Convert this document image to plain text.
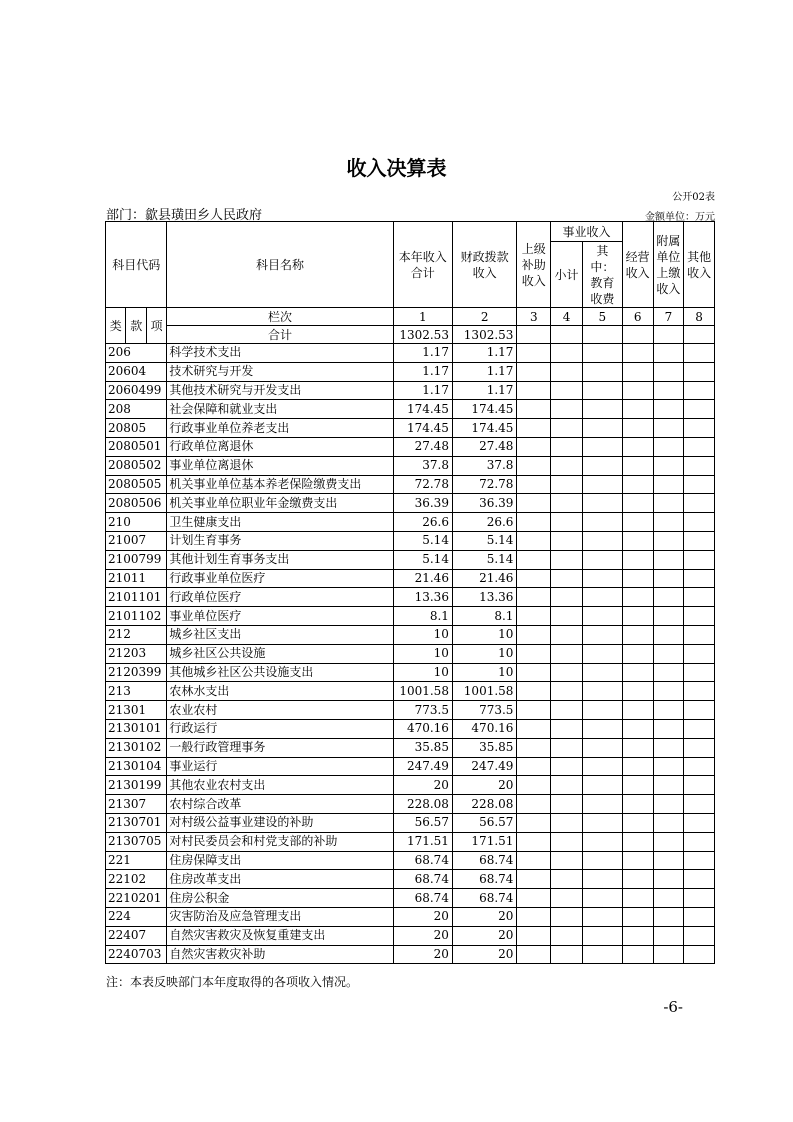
收入决算表
公开02表
部门：歙县璜田乡人民政府	金额单位：万元
科目代码			科目名称	本年收入合计	财政拨款收入	上级补助收入	事业收入		经营收入	附属单位上缴收入	其他收入
							小计	其中：教育收费			

类	款	项	栏次	1	2	3	4	5	6	7	8
			合计	1302.53	1302.53						
206			科学技术支出	1.17	1.17						
20604			技术研究与开发	1.17	1.17						
2060499			其他技术研究与开发支出	1.17	1.17						
208			社会保障和就业支出	174.45	174.45						
20805			行政事业单位养老支出	174.45	174.45						
2080501			行政单位离退休	27.48	27.48						
2080502			事业单位离退休	37.8	37.8						
2080505			机关事业单位基本养老保险缴费支出	72.78	72.78						
2080506			机关事业单位职业年金缴费支出	36.39	36.39						
210			卫生健康支出	26.6	26.6						
21007			计划生育事务	5.14	5.14						
2100799			其他计划生育事务支出	5.14	5.14						
21011			行政事业单位医疗	21.46	21.46						
2101101			行政单位医疗	13.36	13.36						
2101102			事业单位医疗	8.1	8.1						
212			城乡社区支出	10	10						
21203			城乡社区公共设施	10	10						
2120399			其他城乡社区公共设施支出	10	10						
213			农林水支出	1001.58	1001.58						
21301			农业农村	773.5	773.5						
2130101			行政运行	470.16	470.16						
2130102			一般行政管理事务	35.85	35.85						
2130104			事业运行	247.49	247.49						
2130199			其他农业农村支出	20	20						
21307			农村综合改革	228.08	228.08						
2130701			对村级公益事业建设的补助	56.57	56.57						
2130705			对村民委员会和村党支部的补助	171.51	171.51						
221			住房保障支出	68.74	68.74						
22102			住房改革支出	68.74	68.74						
2210201			住房公积金	68.74	68.74						
224			灾害防治及应急管理支出	20	20						
22407			自然灾害救灾及恢复重建支出	20	20						
2240703			自然灾害救灾补助	20	20						
注：本表反映部门本年度取得的各项收入情况。
-6-
